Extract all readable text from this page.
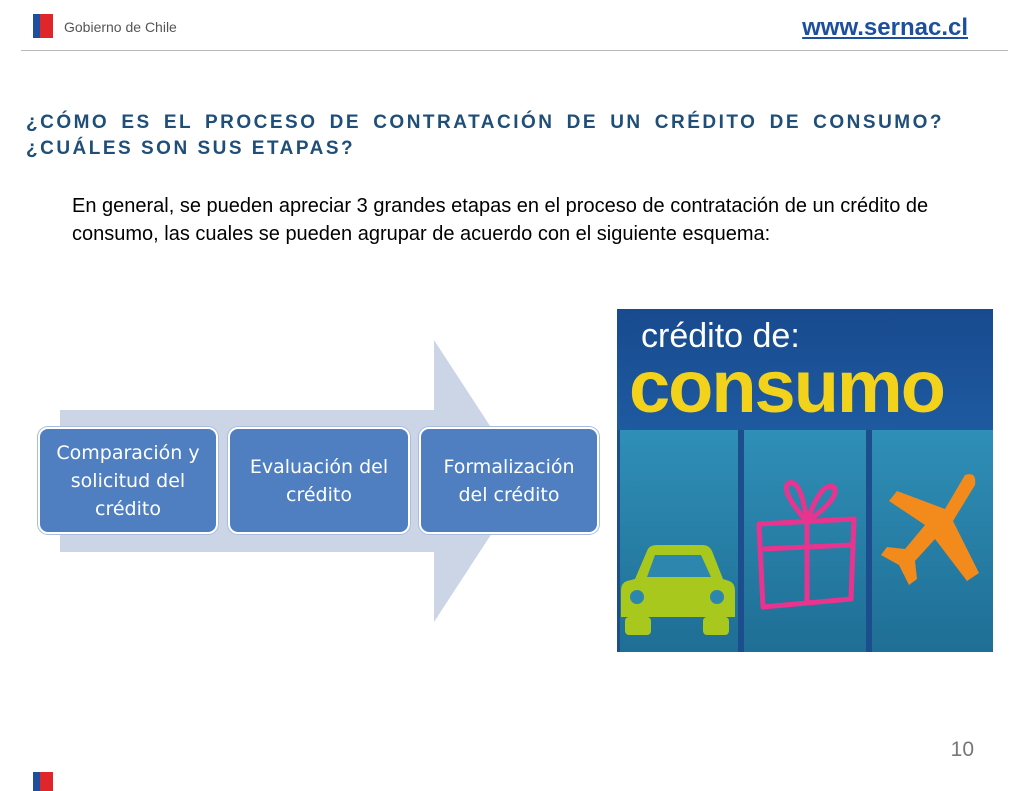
Gobierno de Chile	www.sernac.cl
¿CÓMO ES EL PROCESO DE CONTRATACIÓN DE UN CRÉDITO DE CONSUMO? ¿CUÁLES SON SUS ETAPAS?
En general, se pueden apreciar 3 grandes etapas en el proceso de contratación de un crédito de consumo, las cuales se pueden agrupar de acuerdo con el siguiente esquema:
Comparación y solicitud del crédito
Evaluación del crédito
Formalización del crédito
crédito de:
consumo
10
